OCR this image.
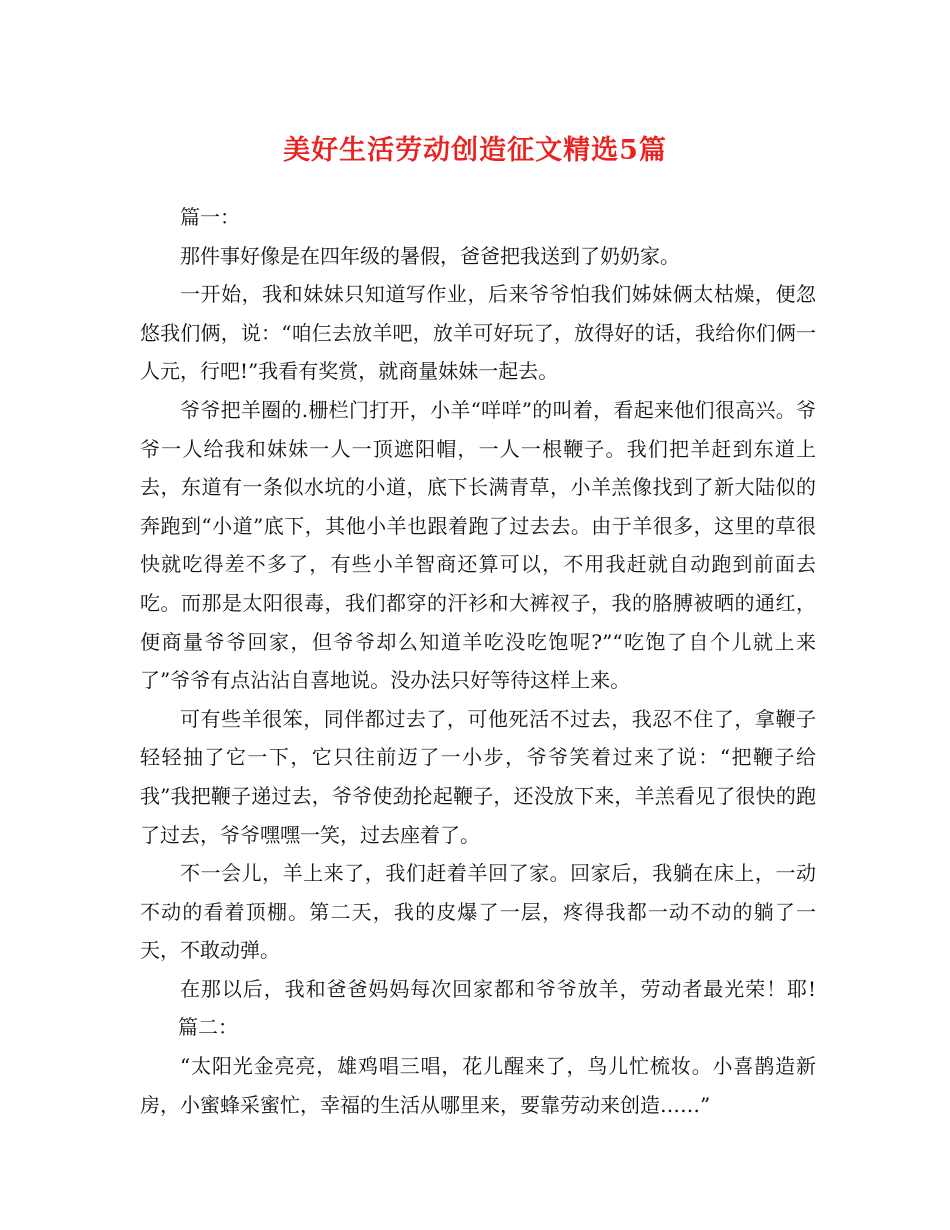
美好生活劳动创造征文精选5篇

篇一：

那件事好像是在四年级的暑假，爸爸把我送到了奶奶家。

一开始，我和妹妹只知道写作业，后来爷爷怕我们姊妹俩太枯燥，便忽悠我们俩，说：“咱仨去放羊吧，放羊可好玩了，放得好的话，我给你们俩一人元，行吧!”我看有奖赏，就商量妹妹一起去。

爷爷把羊圈的.栅栏门打开，小羊“咩咩”的叫着，看起来他们很高兴。爷爷一人给我和妹妹一人一顶遮阳帽，一人一根鞭子。我们把羊赶到东道上去，东道有一条似水坑的小道，底下长满青草，小羊羔像找到了新大陆似的奔跑到“小道”底下，其他小羊也跟着跑了过去去。由于羊很多，这里的草很快就吃得差不多了，有些小羊智商还算可以，不用我赶就自动跑到前面去吃。而那是太阳很毒，我们都穿的汗衫和大裤衩子，我的胳膊被晒的通红，便商量爷爷回家，但爷爷却么知道羊吃没吃饱呢?”“吃饱了自个儿就上来了”爷爷有点沾沾自喜地说。没办法只好等待这样上来。

可有些羊很笨，同伴都过去了，可他死活不过去，我忍不住了，拿鞭子轻轻抽了它一下，它只往前迈了一小步，爷爷笑着过来了说：“把鞭子给我”我把鞭子递过去，爷爷使劲抡起鞭子，还没放下来，羊羔看见了很快的跑了过去，爷爷嘿嘿一笑，过去座着了。

不一会儿，羊上来了，我们赶着羊回了家。回家后，我躺在床上，一动不动的看着顶棚。第二天，我的皮爆了一层，疼得我都一动不动的躺了一天，不敢动弹。

在那以后，我和爸爸妈妈每次回家都和爷爷放羊，劳动者最光荣！耶!篇二：

“太阳光金亮亮，雄鸡唱三唱，花儿醒来了，鸟儿忙梳妆。小喜鹊造新房，小蜜蜂采蜜忙，幸福的生活从哪里来，要靠劳动来创造……”
